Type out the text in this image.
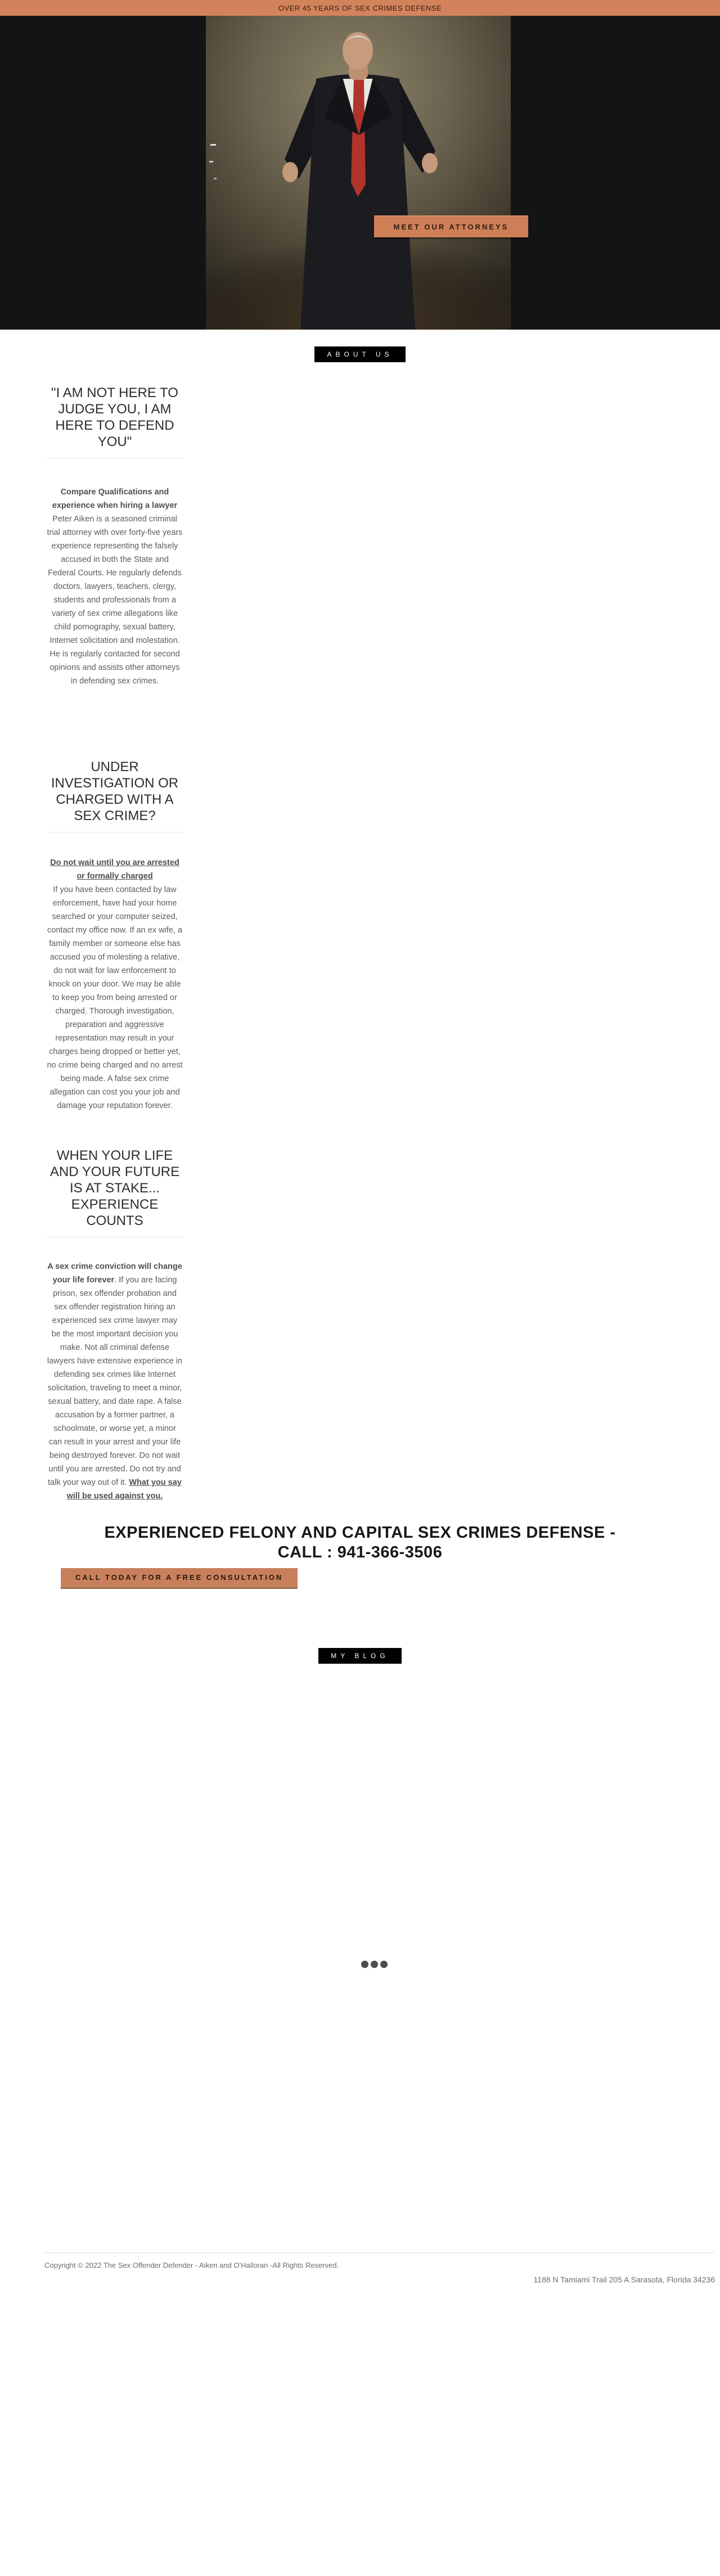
OVER 45 YEARS OF SEX CRIMES DEFENSE
MEET OUR ATTORNEYS
ABOUT US
"I AM NOT HERE TO JUDGE YOU, I AM HERE TO DEFEND YOU"

Compare Qualifications and experience when hiring a lawyer Peter Aiken is a seasoned criminal trial attorney with over forty-five years experience representing the falsely accused in both the State and Federal Courts. He regularly defends doctors, lawyers, teachers, clergy, students and professionals from a variety of sex crime allegations like child pornography, sexual battery, Internet solicitation and molestation. He is regularly contacted for second opinions and assists other attorneys in defending sex crimes.

UNDER INVESTIGATION OR CHARGED WITH A SEX CRIME?

Do not wait until you are arrested or formally charged
If you have been contacted by law enforcement, have had your home searched or your computer seized, contact my office now. If an ex wife, a family member or someone else has accused you of molesting a relative, do not wait for law enforcement to knock on your door. We may be able to keep you from being arrested or charged. Thorough investigation, preparation and aggressive representation may result in your charges being dropped or better yet, no crime being charged and no arrest being made. A false sex crime allegation can cost you your job and damage your reputation forever.

WHEN YOUR LIFE AND YOUR FUTURE IS AT STAKE... EXPERIENCE COUNTS

A sex crime conviction will change your life forever. If you are facing prison, sex offender probation and sex offender registration hiring an experienced sex crime lawyer may be the most important decision you make. Not all criminal defense lawyers have extensive experience in defending sex crimes like Internet solicitation, traveling to meet a minor, sexual battery, and date rape. A false accusation by a former partner, a schoolmate, or worse yet, a minor can result in your arrest and your life being destroyed forever. Do not wait until you are arrested. Do not try and talk your way out of it. What you say will be used against you.

EXPERIENCED FELONY AND CAPITAL SEX CRIMES DEFENSE - CALL : 941-366-3506
CALL TODAY FOR A FREE CONSULTATION
MY BLOG
Copyright © 2022 The Sex Offender Defender - Aiken and O'Halloran -All Rights Reserved.
1188 N Tamiami Trail 205 A Sarasota, Florida 34236
